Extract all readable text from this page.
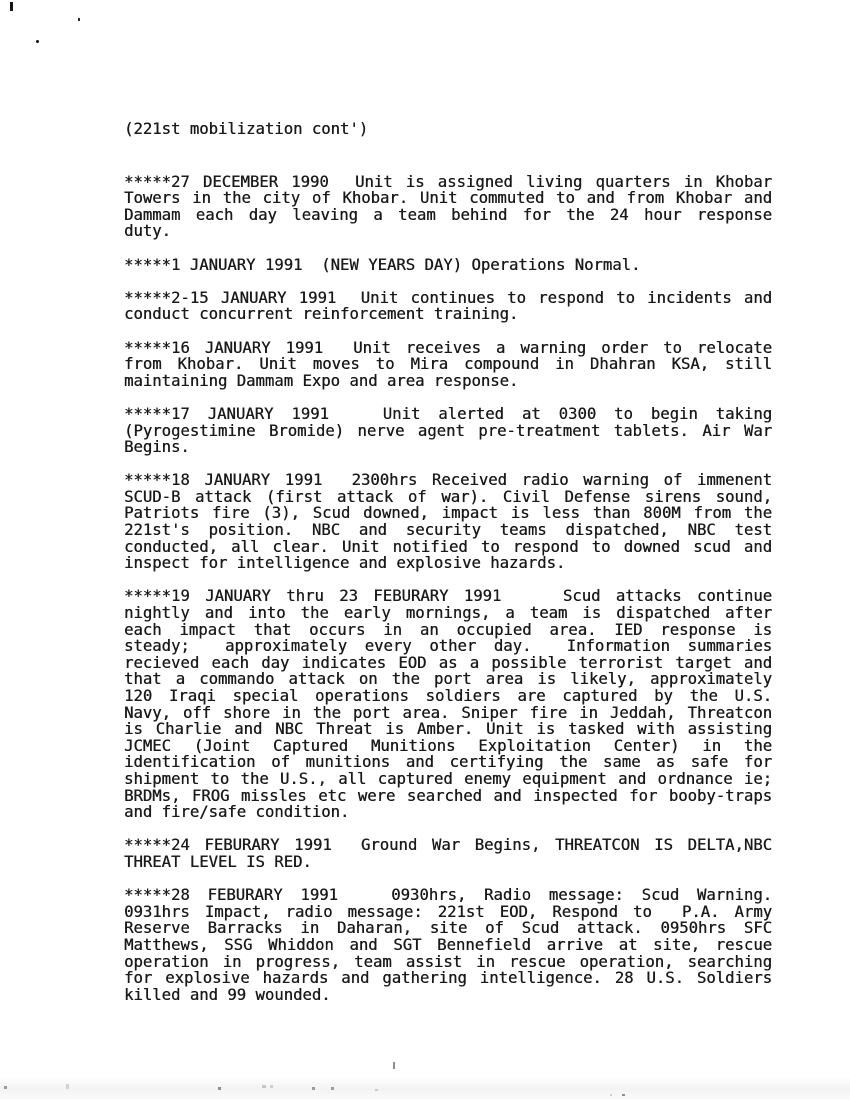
(221st mobilization cont')
*****27 DECEMBER 1990  Unit is assigned living quarters in Khobar
Towers in the city of Khobar. Unit commuted to and from Khobar and
Dammam each day leaving a team behind for the 24 hour response
duty.
*****1 JANUARY 1991  (NEW YEARS DAY) Operations Normal.
*****2-15 JANUARY 1991  Unit continues to respond to incidents and
conduct concurrent reinforcement training.
*****16 JANUARY 1991  Unit receives a warning order to relocate
from Khobar. Unit moves to Mira compound in Dhahran KSA, still
maintaining Dammam Expo and area response.
*****17 JANUARY 1991   Unit alerted at 0300 to begin taking
(Pyrogestimine Bromide) nerve agent pre-treatment tablets. Air War
Begins.
*****18 JANUARY 1991  2300hrs Received radio warning of immenent
SCUD-B attack (first attack of war). Civil Defense sirens sound,
Patriots fire (3), Scud downed, impact is less than 800M from the
221st's position. NBC and security teams dispatched, NBC test
conducted, all clear. Unit notified to respond to downed scud and
inspect for intelligence and explosive hazards.
*****19 JANUARY thru 23 FEBURARY 1991    Scud attacks continue
nightly and into the early mornings, a team is dispatched after
each impact that occurs in an occupied area. IED response is
steady;  approximately every other day.  Information summaries
recieved each day indicates EOD as a possible terrorist target and
that a commando attack on the port area is likely, approximately
120 Iraqi special operations soldiers are captured by the U.S.
Navy, off shore in the port area. Sniper fire in Jeddah, Threatcon
is Charlie and NBC Threat is Amber. Unit is tasked with assisting
JCMEC (Joint Captured Munitions Exploitation Center) in the
identification of munitions and certifying the same as safe for
shipment to the U.S., all captured enemy equipment and ordnance ie;
BRDMs, FROG missles etc were searched and inspected for booby-traps
and fire/safe condition.
*****24 FEBURARY 1991  Ground War Begins, THREATCON IS DELTA,NBC
THREAT LEVEL IS RED.
*****28 FEBURARY 1991   0930hrs, Radio message: Scud Warning.
0931hrs Impact, radio message: 221st EOD, Respond to  P.A. Army
Reserve Barracks in Daharan, site of Scud attack. 0950hrs SFC
Matthews, SSG Whiddon and SGT Bennefield arrive at site, rescue
operation in progress, team assist in rescue operation, searching
for explosive hazards and gathering intelligence. 28 U.S. Soldiers
killed and 99 wounded.
